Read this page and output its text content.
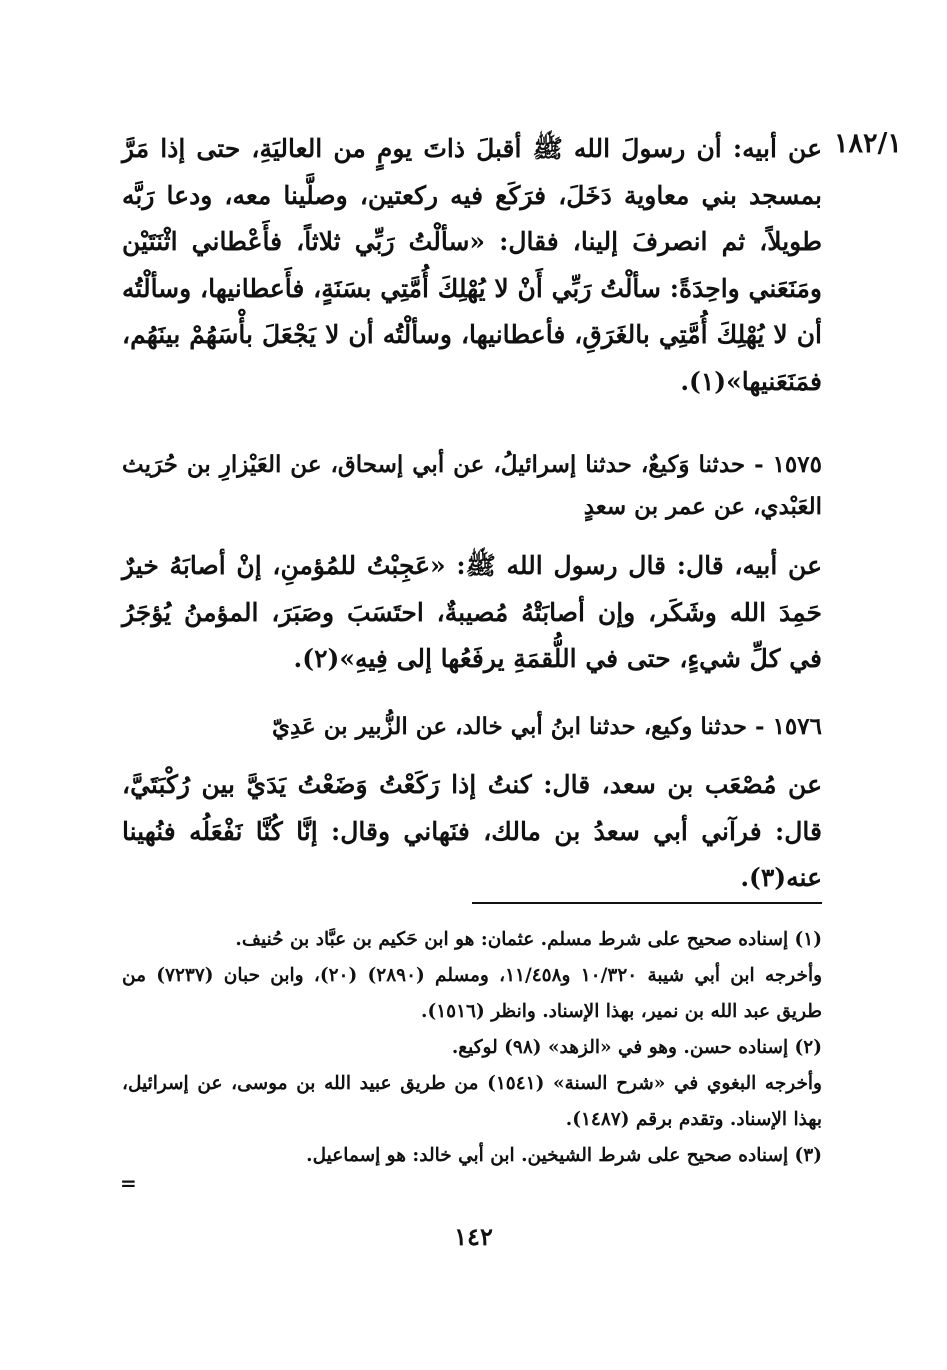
١٨٢/١
عن أبيه: أن رسولَ الله ﷺ أقبلَ ذاتَ يومٍ من العاليَةِ، حتى إذا مَرَّ بمسجد بني معاوية دَخَلَ، فرَكَع فيه ركعتين، وصلَّينا معه، ودعا رَبَّه طويلاً، ثم انصرفَ إلينا، فقال: «سألْتُ رَبِّي ثلاثاً، فأَعْطاني اثْنَتَيْن ومَنَعَني واحِدَةً: سألْتُ رَبِّي أَنْ لا يُهْلِكَ أُمَّتِي بسَنَةٍ، فأَعطانيها، وسألْتُه أن لا يُهْلِكَ أُمَّتِي بالغَرَقِ، فأعطانيها، وسألْتُه أن لا يَجْعَلَ بأْسَهُمْ بينَهُم، فمَنَعَنيها»(١).
١٥٧٥ - حدثنا وَكيعٌ، حدثنا إسرائيلُ، عن أبي إسحاق، عن العَيْزارِ بن حُرَيث العَبْدي، عن عمر بن سعدٍ
عن أبيه، قال: قال رسول الله ﷺ: «عَجِبْتُ للمُؤمنِ، إنْ أصابَهُ خيرٌ حَمِدَ الله وشَكَر، وإن أصابَتْهُ مُصيبةٌ، احتَسَبَ وصَبَرَ، المؤمنُ يُؤجَرُ في كلِّ شيءٍ، حتى في اللُّقمَةِ يرفَعُها إلى فِيهِ»(٢).
١٥٧٦ - حدثنا وكيع، حدثنا ابنُ أبي خالد، عن الزُّبير بن عَدِيّ
عن مُصْعَب بن سعد، قال: كنتُ إذا رَكَعْتُ وَضَعْتُ يَدَيَّ بين رُكْبَتَيَّ، قال: فرآني أبي سعدُ بن مالك، فنَهاني وقال: إنَّا كُنَّا نَفْعَلُه فنُهينا عنه(٣).

(١) إسناده صحيح على شرط مسلم. عثمان: هو ابن حَكيم بن عبَّاد بن حُنيف.

وأخرجه ابن أبي شيبة ١٠/٣٢٠ و١١/٤٥٨، ومسلم (٢٨٩٠) (٢٠)، وابن حبان (٧٢٣٧) من طريق عبد الله بن نمير، بهذا الإسناد. وانظر (١٥١٦).

(٢) إسناده حسن. وهو في «الزهد» (٩٨) لوكيع.

وأخرجه البغوي في «شرح السنة» (١٥٤١) من طريق عبيد الله بن موسى، عن إسرائيل، بهذا الإسناد. وتقدم برقم (١٤٨٧).

(٣) إسناده صحيح على شرط الشيخين. ابن أبي خالد: هو إسماعيل.

=
١٤٢
